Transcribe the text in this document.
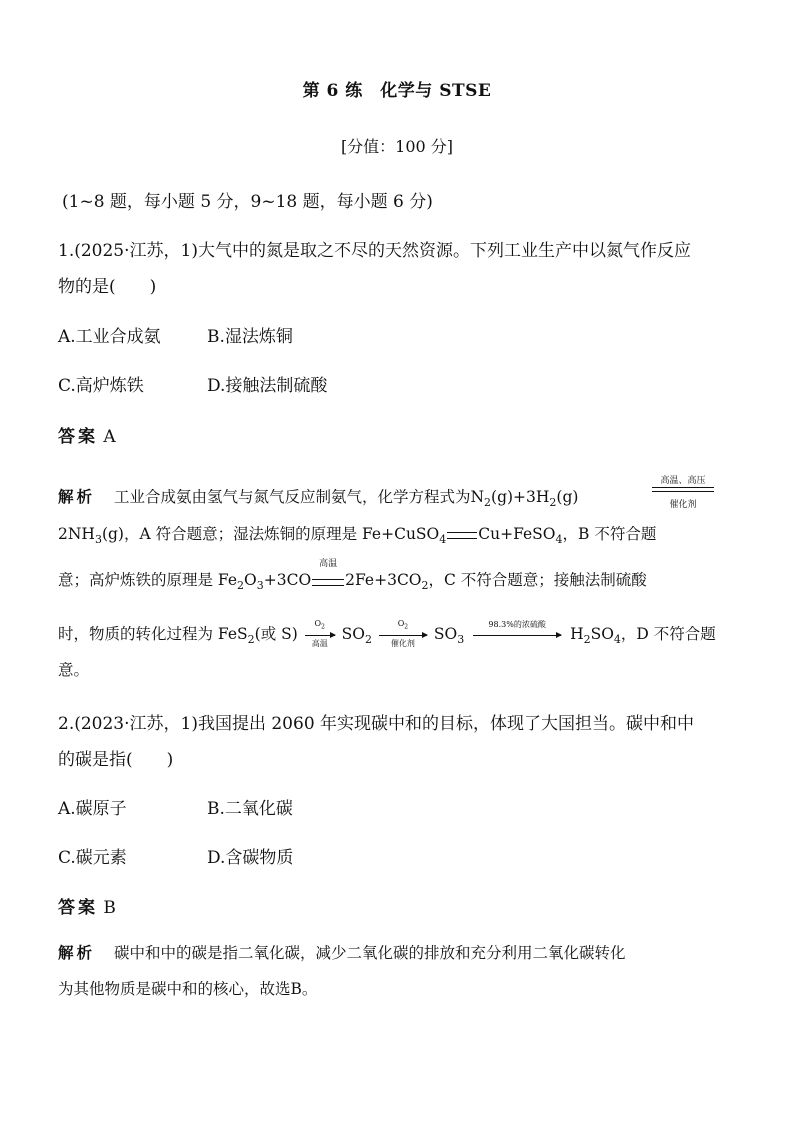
第 6 练　化学与 STSE
[分值：100 分]
(1~8 题，每小题 5 分，9~18 题，每小题 6 分)
1.(2025·江苏，1)大气中的氮是取之不尽的天然资源。下列工业生产中以氮气作反应
物的是(　　)
A.工业合成氨	B.湿法炼铜
C.高炉炼铁	D.接触法制硫酸
答案 A
解析 工业合成氨由氢气与氮气反应制氨气，化学方程式为$N_2(g)+3H_2(g)$
高温、高压
催化剂
$2NH_3(g)$，A 符合题意；湿法炼铜的原理是 Fe+CuSO$_4$ Cu+FeSO$_4$，B 不符合题
意；高炉炼铁的原理是 $Fe_2O_3+3CO$
高温
$2Fe+3CO_2$，C 不符合题意；接触法制硫酸
时，物质的转化过程为 FeS$_2$(或 S)
$O_2$
高温 $SO_2$
$O_2$
催化剂	$SO_3$
98.3%的浓硫酸
$H_2SO_4$，D 不符合题
意。
2.(2023·江苏，1)我国提出 2060 年实现碳中和的目标，体现了大国担当。碳中和中
的碳是指(　　)
A.碳原子	B.二氧化碳
C.碳元素	D.含碳物质
答案 B
解析 碳中和中的碳是指二氧化碳，减少二氧化碳的排放和充分利用二氧化碳转化
为其他物质是碳中和的核心，故选B。
